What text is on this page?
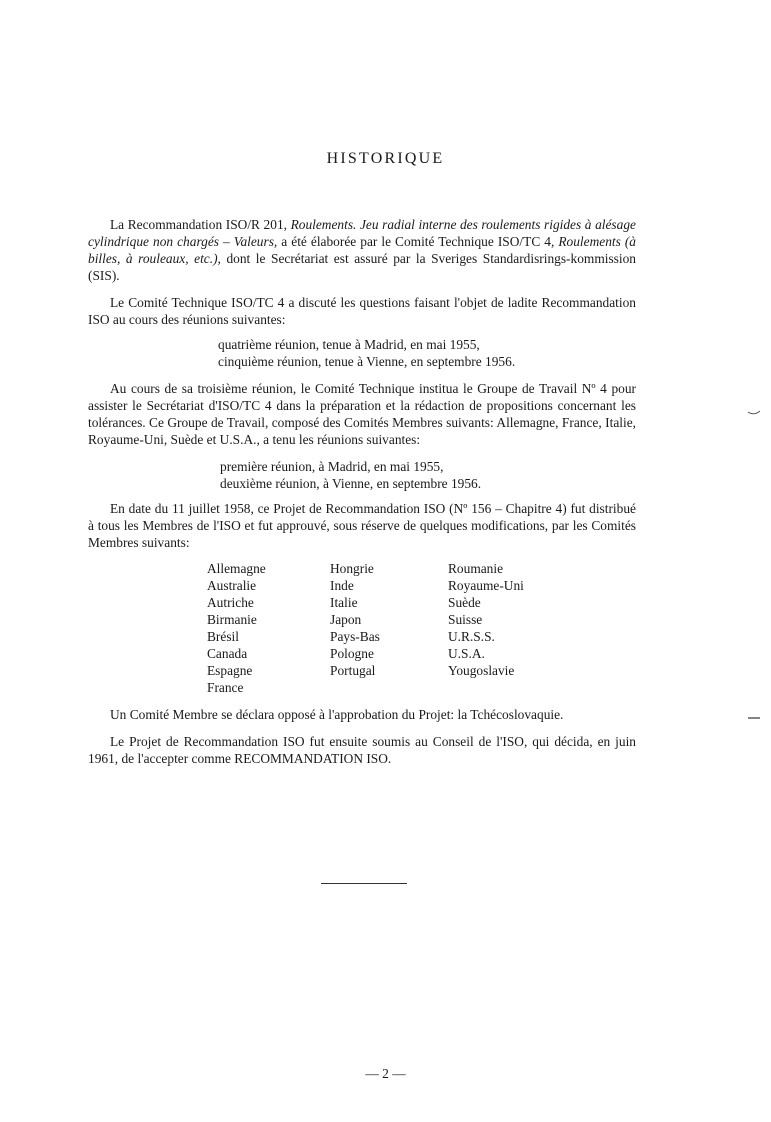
HISTORIQUE

La Recommandation ISO/R 201, Roulements. Jeu radial interne des roulements rigides à alésage cylindrique non chargés – Valeurs, a été élaborée par le Comité Technique ISO/TC 4, Roulements (à billes, à rouleaux, etc.), dont le Secrétariat est assuré par la Sveriges Standardisrings-kommission (SIS).

Le Comité Technique ISO/TC 4 a discuté les questions faisant l'objet de ladite Recommandation ISO au cours des réunions suivantes:

quatrième réunion, tenue à Madrid, en mai 1955,
cinquième réunion, tenue à Vienne, en septembre 1956.

Au cours de sa troisième réunion, le Comité Technique institua le Groupe de Travail Nº 4 pour assister le Secrétariat d'ISO/TC 4 dans la préparation et la rédaction de propositions concernant les tolérances. Ce Groupe de Travail, composé des Comités Membres suivants: Allemagne, France, Italie, Royaume-Uni, Suède et U.S.A., a tenu les réunions suivantes:

première réunion, à Madrid, en mai 1955,
deuxième réunion, à Vienne, en septembre 1956.

En date du 11 juillet 1958, ce Projet de Recommandation ISO (Nº 156 – Chapitre 4) fut distribué à tous les Membres de l'ISO et fut approuvé, sous réserve de quelques modifications, par les Comités Membres suivants:

Allemagne
Australie
Autriche
Birmanie
Brésil
Canada
Espagne
France
Hongrie
Inde
Italie
Japon
Pays-Bas
Pologne
Portugal
Roumanie
Royaume-Uni
Suède
Suisse
U.R.S.S.
U.S.A.
Yougoslavie

Un Comité Membre se déclara opposé à l'approbation du Projet: la Tchécoslovaquie.

Le Projet de Recommandation ISO fut ensuite soumis au Conseil de l'ISO, qui décida, en juin 1961, de l'accepter comme RECOMMANDATION ISO.

— 2 —
